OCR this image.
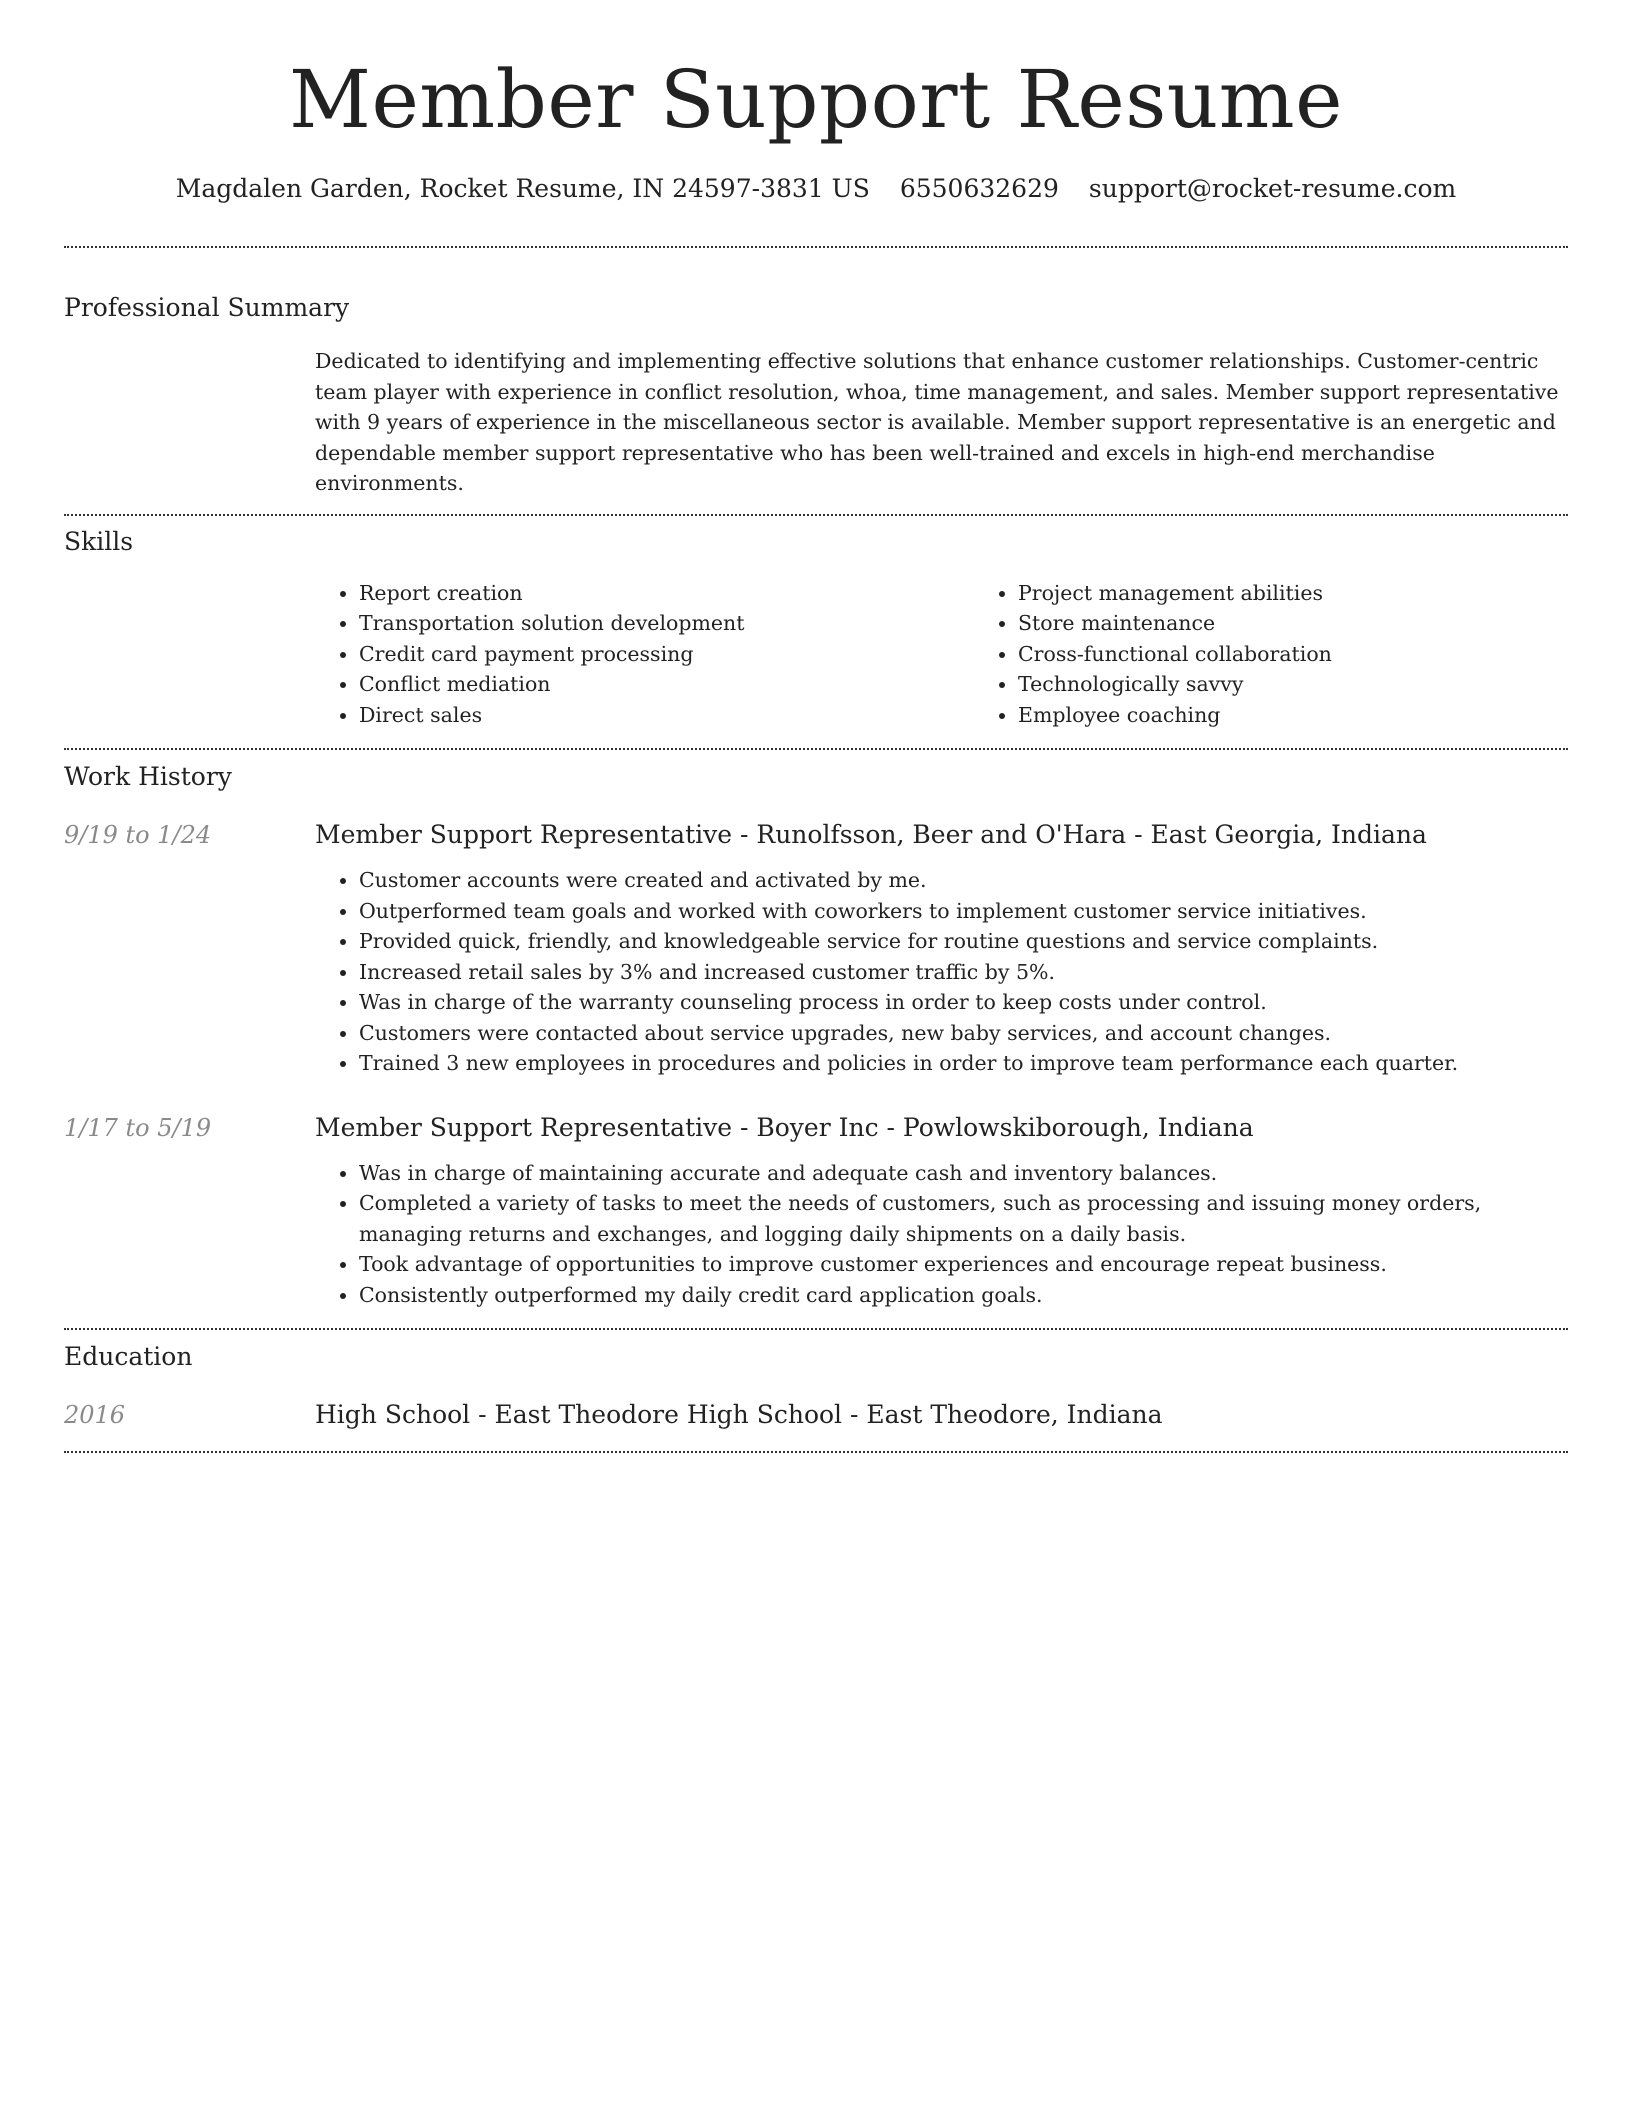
Member Support Resume
Magdalen Garden, Rocket Resume, IN 24597-3831 US 6550632629 support@rocket-resume.com
Professional Summary

Dedicated to identifying and implementing effective solutions that enhance customer relationships. Customer-centric team player with experience in conflict resolution, whoa, time management, and sales. Member support representative with 9 years of experience in the miscellaneous sector is available. Member support representative is an energetic and dependable member support representative who has been well-trained and excels in high-end merchandise environments.

Skills
• Report creation
• Transportation solution development
• Credit card payment processing
• Conflict mediation
• Direct sales
• Project management abilities
• Store maintenance
• Cross-functional collaboration
• Technologically savvy
• Employee coaching
Work History
9/19 to 1/24	Member Support Representative - Runolfsson, Beer and O'Hara - East Georgia, Indiana
• Customer accounts were created and activated by me.
• Outperformed team goals and worked with coworkers to implement customer service initiatives.
• Provided quick, friendly, and knowledgeable service for routine questions and service complaints.
• Increased retail sales by 3% and increased customer traffic by 5%.
• Was in charge of the warranty counseling process in order to keep costs under control.
• Customers were contacted about service upgrades, new baby services, and account changes.
• Trained 3 new employees in procedures and policies in order to improve team performance each quarter.
1/17 to 5/19	Member Support Representative - Boyer Inc - Powlowskiborough, Indiana
• Was in charge of maintaining accurate and adequate cash and inventory balances.
• Completed a variety of tasks to meet the needs of customers, such as processing and issuing money orders, managing returns and exchanges, and logging daily shipments on a daily basis.
• Took advantage of opportunities to improve customer experiences and encourage repeat business.
• Consistently outperformed my daily credit card application goals.
Education
2016	High School - East Theodore High School - East Theodore, Indiana
